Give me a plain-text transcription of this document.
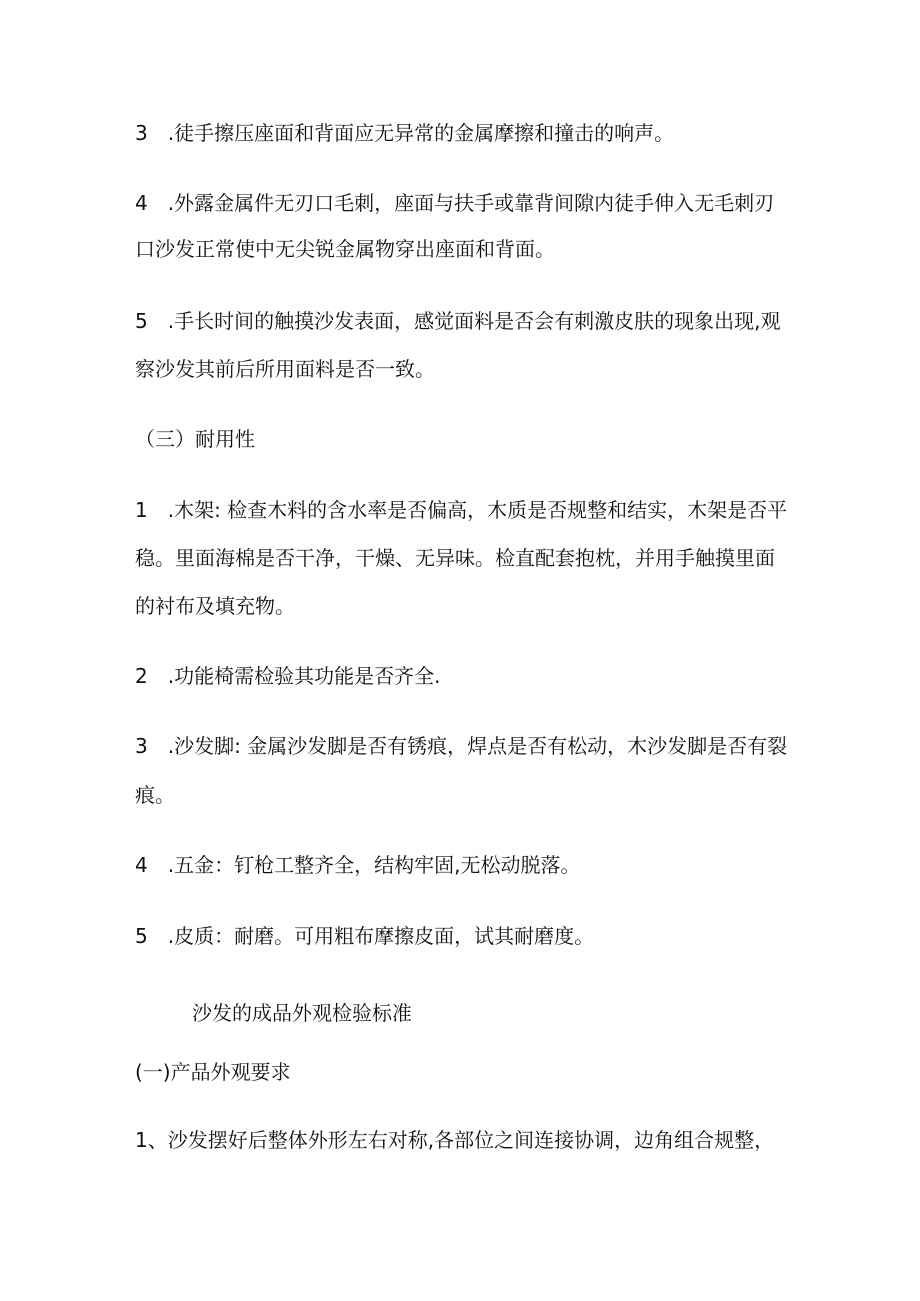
3　.徒手擦压座面和背面应无异常的金属摩擦和撞击的响声。
4　.外露金属件无刃口毛刺，座面与扶手或靠背间隙内徒手伸入无毛刺刃
口沙发正常使中无尖锐金属物穿出座面和背面。
5　.手长时间的触摸沙发表面，感觉面料是否会有刺激皮肤的现象出现,观
察沙发其前后所用面料是否一致。
（三）耐用性
1　.木架: 检查木料的含水率是否偏高，木质是否规整和结实，木架是否平
稳。里面海棉是否干净，干燥、无异味。检直配套抱枕，并用手触摸里面
的衬布及填充物。
2　.功能椅需检验其功能是否齐全.
3　.沙发脚: 金属沙发脚是否有锈痕，焊点是否有松动，木沙发脚是否有裂
痕。
4　.五金：钉枪工整齐全，结构牢固,无松动脱落。
5　.皮质：耐磨。可用粗布摩擦皮面，试其耐磨度。
沙发的成品外观检验标准
(一)产品外观要求
1、沙发摆好后整体外形左右对称,各部位之间连接协调，边角组合规整，
